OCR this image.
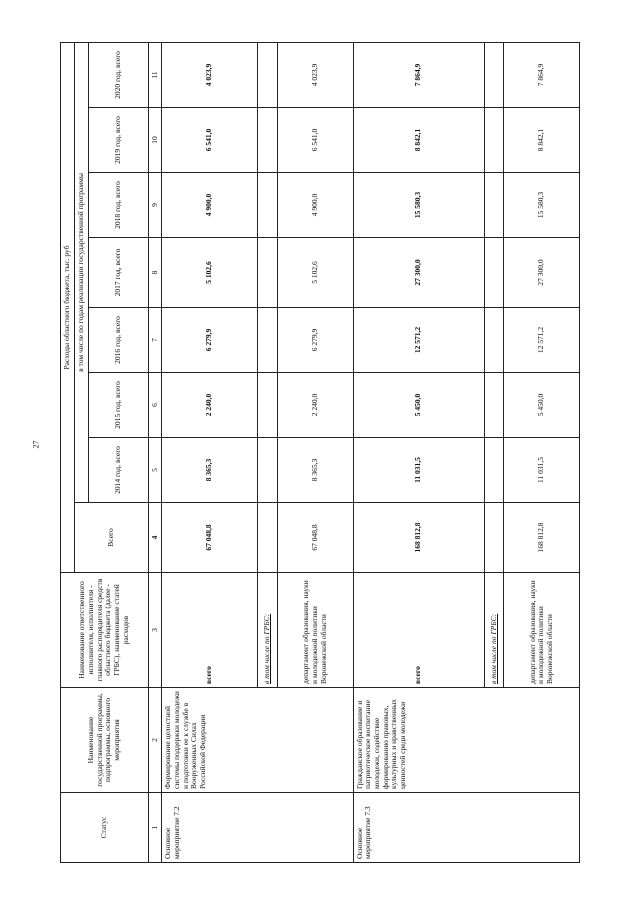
27
Статус	Наименование государственной программы, подпрограммы, основного мероприятия	Наименование ответственного исполнителя, исполнителя - главного распорядителя средств областного бюджета (далее - ГРБС), наименование статей расходов	Расходы областного бюджета, тыс. руб							
			Всего	в том числе по годам реализации государственной программы						
				2014 год, всего	2015 год, всего	2016 год, всего	2017 год, всего	2018 год, всего	2019 год, всего	2020 год, всего
1	2	3	4	5	6	7	8	9	10	11
Основное мероприятие 7.2	Формирование целостной системы поддержки молодежи и подготовки ее к службе в Вооруженных Силах Российской Федерации	всего	67 048,8	8 365,3	2 240,0	6 279,9	5 102,6	4 900,0	6 541,0	4 023,9
		в том числе по ГРБС:								
		департамент образования, науки и молодежной политики Воронежской области	67 048,8	8 365,3	2 240,0	6 279,9	5 102,6	4 900,0	6 541,0	4 023,9
Основное мероприятие 7.3	Гражданское образование и патриотическое воспитание молодежи, содействие формированию правовых, культурных и нравственных ценностей среди молодежи	всего	168 812,8	11 031,5	5 450,0	12 571,2	27 300,0	15 580,3	8 842,1	7 864,9
		в том числе по ГРБС:								
		департамент образования, науки и молодежной политики Воронежской области	168 812,8	11 031,5	5 450,0	12 571,2	27 300,0	15 580,3	8 842,1	7 864,9
